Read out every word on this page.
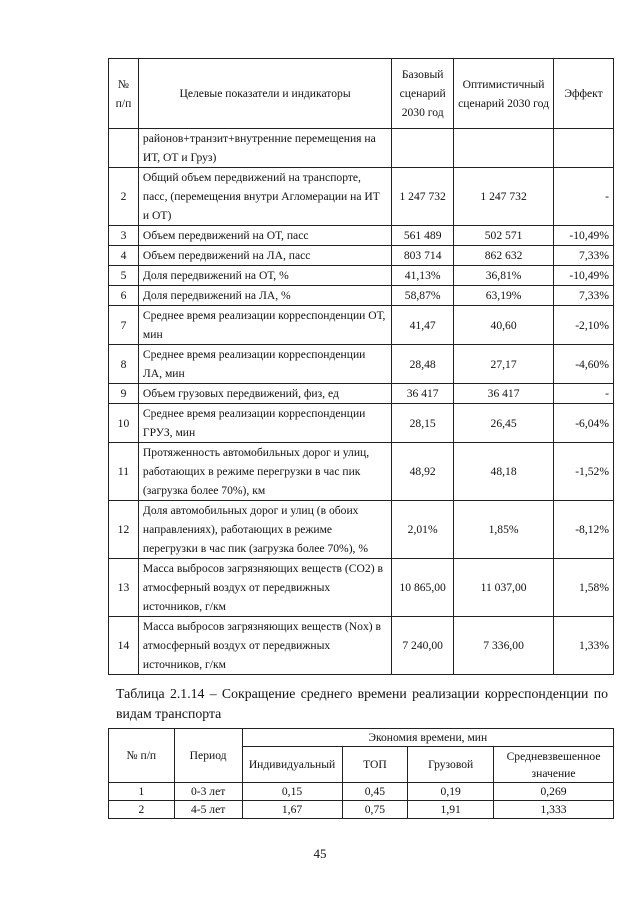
№ п/п	Целевые показатели и индикаторы	Базовый сценарий 2030 год	Оптимистичный сценарий 2030 год	Эффект
	районов+транзит+внутренние перемещения на ИТ, ОТ и Груз)			
2	Общий объем передвижений на транспорте, пасс, (перемещения внутри Агломерации на ИТ и ОТ)	1 247 732	1 247 732	-
3	Объем передвижений на ОТ, пасс	561 489	502 571	-10,49%
4	Объем передвижений на ЛА, пасс	803 714	862 632	7,33%
5	Доля передвижений на ОТ, %	41,13%	36,81%	-10,49%
6	Доля передвижений на ЛА, %	58,87%	63,19%	7,33%
7	Среднее время реализации корреспонденции ОТ, мин	41,47	40,60	-2,10%
8	Среднее время реализации корреспонденции ЛА, мин	28,48	27,17	-4,60%
9	Объем грузовых передвижений, физ, ед	36 417	36 417	-
10	Среднее время реализации корреспонденции ГРУЗ, мин	28,15	26,45	-6,04%
11	Протяженность автомобильных дорог и улиц, работающих в режиме перегрузки в час пик (загрузка более 70%), км	48,92	48,18	-1,52%
12	Доля автомобильных дорог и улиц (в обоих направлениях), работающих в режиме перегрузки в час пик (загрузка более 70%), %	2,01%	1,85%	-8,12%
13	Масса выбросов загрязняющих веществ (СО2) в атмосферный воздух от передвижных источников, г/км	10 865,00	11 037,00	1,58%
14	Масса выбросов загрязняющих веществ (Nox) в атмосферный воздух от передвижных источников, г/км	7 240,00	7 336,00	1,33%
Таблица 2.1.14 – Сокращение среднего времени реализации корреспонденции по видам транспорта
№ п/п	Период	Экономия времени, мин			
		Индивидуальный	ТОП	Грузовой	Средневзвешенное значение
1	0-3 лет	0,15	0,45	0,19	0,269
2	4-5 лет	1,67	0,75	1,91	1,333
45
